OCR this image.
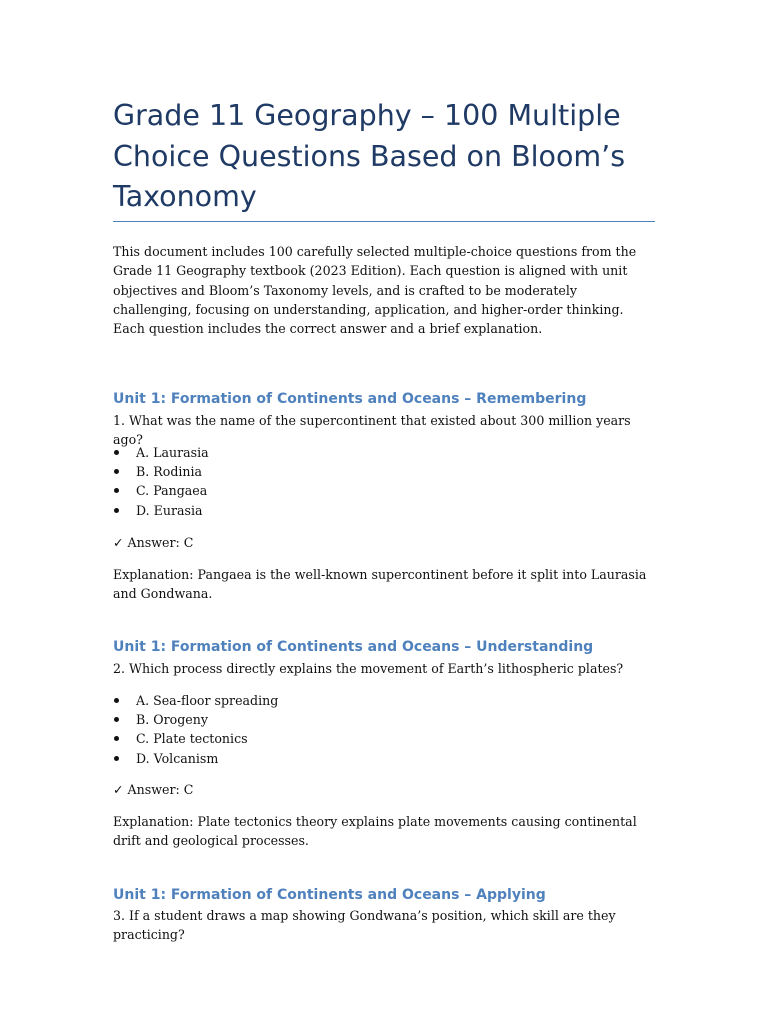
Grade 11 Geography – 100 Multiple Choice Questions Based on Bloom’s Taxonomy

This document includes 100 carefully selected multiple-choice questions from the Grade 11 Geography textbook (2023 Edition). Each question is aligned with unit objectives and Bloom’s Taxonomy levels, and is crafted to be moderately challenging, focusing on understanding, application, and higher-order thinking. Each question includes the correct answer and a brief explanation.

Unit 1: Formation of Continents and Oceans – Remembering

1. What was the name of the supercontinent that existed about 300 million years ago?

A. Laurasia
B. Rodinia
C. Pangaea
D. Eurasia

✓ Answer: C

Explanation: Pangaea is the well-known supercontinent before it split into Laurasia and Gondwana.

Unit 1: Formation of Continents and Oceans – Understanding

2. Which process directly explains the movement of Earth’s lithospheric plates?

A. Sea-floor spreading
B. Orogeny
C. Plate tectonics
D. Volcanism

✓ Answer: C

Explanation: Plate tectonics theory explains plate movements causing continental drift and geological processes.

Unit 1: Formation of Continents and Oceans – Applying

3. If a student draws a map showing Gondwana’s position, which skill are they practicing?
